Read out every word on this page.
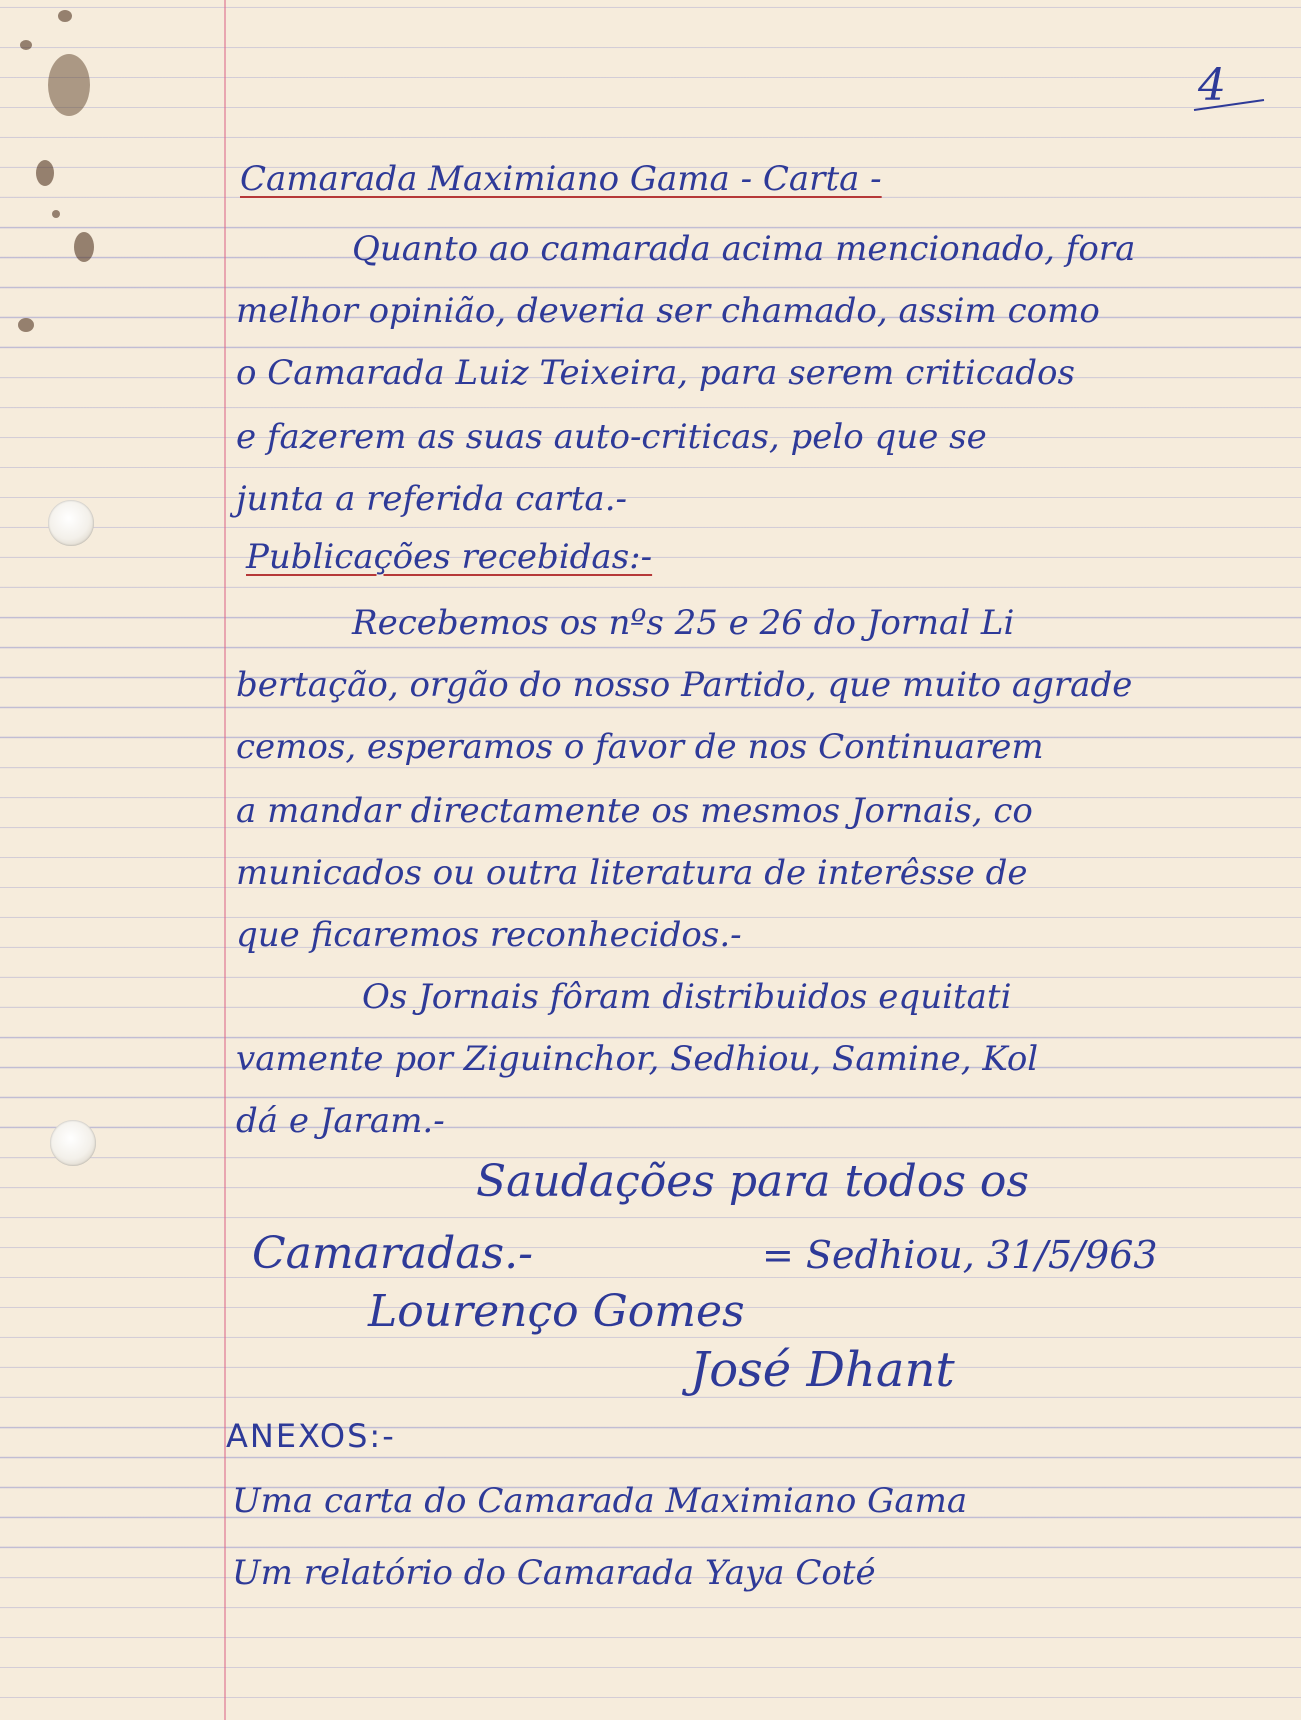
4
Camarada Maximiano Gama - Carta -
Quanto ao camarada acima mencionado, fora
melhor opinião, deveria ser chamado, assim como
o Camarada Luiz Teixeira, para serem criticados
e fazerem as suas auto-criticas, pelo que se
junta a referida carta.-
Publicações recebidas:-
Recebemos os nºs 25 e 26 do Jornal Li
bertação, orgão do nosso Partido, que muito agrade
cemos, esperamos o favor de nos Continuarem
a mandar directamente os mesmos Jornais, co
municados ou outra literatura de interêsse de
que ficaremos reconhecidos.-
Os Jornais fôram distribuidos equitati
vamente por Ziguinchor, Sedhiou, Samine, Kol
dá e Jaram.-
Saudações para todos os
Camaradas.-	= Sedhiou, 31/5/963
Lourenço Gomes
José Dhant
ANEXOS:-
Uma carta do Camarada Maximiano Gama
Um relatório do Camarada Yaya Coté
